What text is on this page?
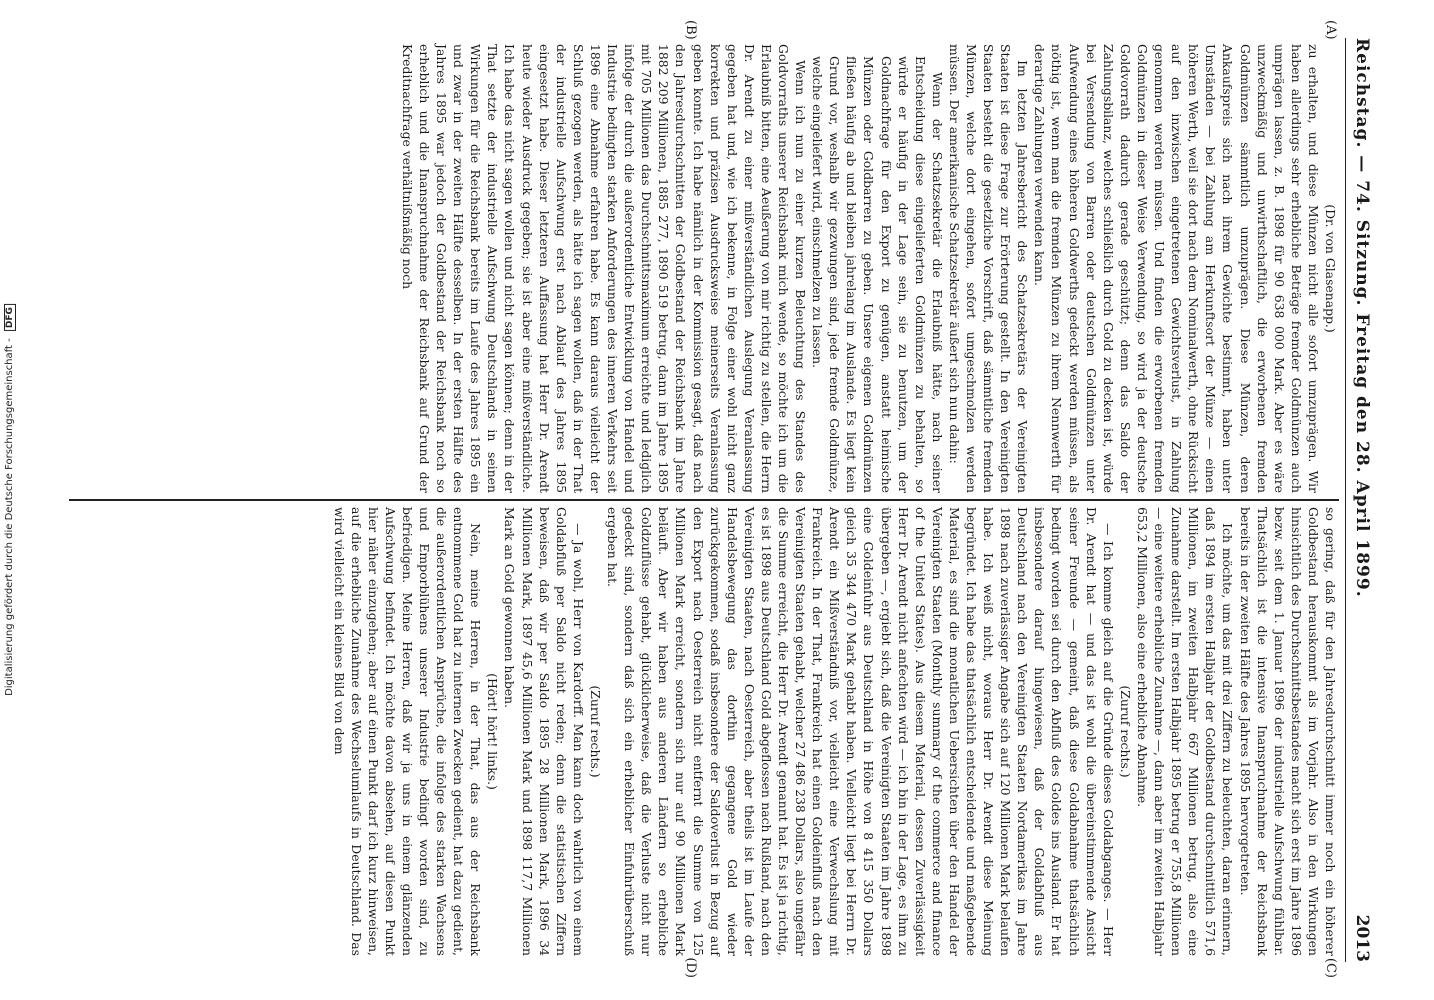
Digitalisierung gefördert durch die Deutsche Forschungsgemeinschaft - DFG	Reichstag. — 74. Sitzung. Freitag den 28. April 1899.
2013
(A)
(B)

(Dr. von Glasenapp.)

zu erhalten, und diese Münzen nicht alle sofort umzuprägen. Wir haben allerdings sehr erhebliche Beträge fremder Goldmünzen auch umprägen lassen, z. B. 1898 für 90 638 000 Mark. Aber es wäre unzweckmäßig und unwirthschaftlich, die erworbenen fremden Goldmünzen sämmtlich umzuprägen. Diese Münzen, deren Ankaufspreis sich nach ihrem Gewichte bestimmt, haben unter Umständen — bei Zahlung am Herkunftsort der Münze — einen höheren Werth, weil sie dort nach dem Nominalwerth, ohne Rücksicht auf den inzwischen eingetretenen Gewichtsverlust, in Zahlung genommen werden müssen. Und finden die erworbenen fremden Goldmünzen in dieser Weise Verwendung, so wird ja der deutsche Goldvorrath dadurch gerade geschützt; denn das Saldo der Zahlungsbilanz, welches schließlich durch Gold zu decken ist, würde bei Versendung von Barren oder deutschen Goldmünzen unter Aufwendung eines höheren Goldwerths gedeckt werden müssen, als nöthig ist, wenn man die fremden Münzen zu ihrem Nennwerth für derartige Zahlungen verwenden kann.

Im letzten Jahresbericht des Schatzsekretärs der Vereinigten Staaten ist diese Frage zur Erörterung gestellt. In den Vereinigten Staaten besteht die gesetzliche Vorschrift, daß sämmtliche fremden Münzen, welche dort eingehen, sofort umgeschmolzen werden müssen. Der amerikanische Schatzsekretär äußert sich nun dahin:

Wenn der Schatzsekretär die Erlaubniß hätte, nach seiner Entscheidung diese eingelieferten Goldmünzen zu behalten, so würde er häufig in der Lage sein, sie zu benutzen, um der Goldnachfrage für den Export zu genügen, anstatt heimische Münzen oder Goldbarren zu geben. Unsere eigenen Goldmünzen fließen häufig ab und bleiben jahrelang im Auslande. Es liegt kein Grund vor, weshalb wir gezwungen sind, jede fremde Goldmünze, welche eingeliefert wird, einschmelzen zu lassen.

Wenn ich nun zu einer kurzen Beleuchtung des Standes des Goldvorraths unserer Reichsbank mich wende, so möchte ich um die Erlaubniß bitten, eine Aeußerung von mir richtig zu stellen, die Herrn Dr. Arendt zu einer mißverständlichen Auslegung Veranlassung gegeben hat und, wie ich bekenne, in Folge einer wohl nicht ganz korrekten und präzisen Ausdrucksweise meinerseits Veranlassung geben konnte. Ich habe nämlich in der Kommission gesagt, daß nach den Jahresdurchschnitten der Goldbestand der Reichsbank im Jahre 1882 209 Millionen, 1885 277, 1890 519 betrug, dann im Jahre 1895 mit 705 Millionen das Durchschnittsmaximum erreichte und lediglich infolge der durch die außerordentliche Entwicklung von Handel und Industrie bedingten starken Anforderungen des inneren Verkehrs seit 1896 eine Abnahme erfahren habe. Es kann daraus vielleicht der Schluß gezogen werden, als hätte ich sagen wollen, daß in der That der industrielle Aufschwung erst nach Ablauf des Jahres 1895 eingesetzt habe. Dieser letzteren Auffassung hat Herr Dr. Arendt heute wieder Ausdruck gegeben; sie ist aber eine mißverständliche. Ich habe das nicht sagen wollen und nicht sagen können; denn in der That setzte der industrielle Aufschwung Deutschlands in seinen Wirkungen für die Reichsbank bereits im Laufe des Jahres 1895 ein und zwar in der zweiten Hälfte desselben. In der ersten Hälfte des Jahres 1895 war jedoch der Goldbestand der Reichsbank noch so erheblich und die Inanspruchnahme der Reichsbank auf Grund der Kreditnachfrage verhältnißmäßig noch

(C)
(D)

so gering, daß für den Jahresdurchschnitt immer noch ein höherer Goldbestand herauskommt als im Vorjahr. Also in den Wirkungen hinsichtlich des Durchschnittsbestandes macht sich erst im Jahre 1896 bezw. seit dem 1. Januar 1896 der industrielle Aufschwung fühlbar. Thatsächlich ist die intensive Inanspruchnahme der Reichsbank bereits in der zweiten Hälfte des Jahres 1895 hervorgetreten.

Ich möchte, um das mit drei Ziffern zu beleuchten, daran erinnern, daß 1894 im ersten Halbjahr der Goldbestand durchschnittlich 571,6 Millionen, im zweiten Halbjahr 667 Millionen betrug, also eine Zunahme darstellt. Im ersten Halbjahr 1895 betrug er 755,8 Millionen — eine weitere erhebliche Zunahme —, dann aber im zweiten Halbjahr 653,2 Millionen, also eine erhebliche Abnahme.

(Zuruf rechts.)

— Ich komme gleich auf die Gründe dieses Goldabganges. — Herr Dr. Arendt hat — und das ist wohl die übereinstimmende Ansicht seiner Freunde — gemeint, daß diese Goldabnahme thatsächlich bedingt worden sei durch den Abfluß des Goldes ins Ausland. Er hat insbesondere darauf hingewiesen, daß der Goldabfluß aus Deutschland nach den Vereinigten Staaten Nordamerikas im Jahre 1898 nach zuverlässiger Angabe sich auf 120 Millionen Mark belaufen habe. Ich weiß nicht, woraus Herr Dr. Arendt diese Meinung begründet. Ich habe das thatsächlich entscheidende und maßgebende Material, es sind die monatlichen Uebersichten über den Handel der Vereinigten Staaten (Monthly summary of the commerce and finance of the United States). Aus diesem Material, dessen Zuverlässigkeit Herr Dr. Arendt nicht anfechten wird — ich bin in der Lage, es ihm zu übergeben —, ergiebt sich, daß die Vereinigten Staaten im Jahre 1898 eine Goldeinfuhr aus Deutschland in Höhe von 8 415 350 Dollars gleich 35 344 470 Mark gehabt haben. Vielleicht liegt bei Herrn Dr. Arendt ein Mißverständniß vor, vielleicht eine Verwechslung mit Frankreich. In der That, Frankreich hat einen Goldeinfluß nach den Vereinigten Staaten gehabt, welcher 27 486 238 Dollars, also ungefähr die Summe erreicht, die Herr Dr. Arendt genannt hat. Es ist ja richtig, es ist 1898 aus Deutschland Gold abgeflossen nach Rußland, nach den Vereinigten Staaten, nach Oesterreich, aber theils ist im Laufe der Handelsbewegung das dorthin gegangene Gold wieder zurückgekommen, sodaß insbesondere der Saldoverlust in Bezug auf den Export nach Oesterreich nicht entfernt die Summe von 125 Millionen Mark erreicht, sondern sich nur auf 90 Millionen Mark beläuft. Aber wir haben aus anderen Ländern so erhebliche Goldzuflüsse gehabt, glücklicherweise, daß die Verluste nicht nur gedeckt sind, sondern daß sich ein erheblicher Einfuhrüberschuß ergeben hat.

(Zuruf rechts.)

— Ja wohl, Herr von Kardorff. Man kann doch wahrlich von einem Goldabfluß per Saldo nicht reden; denn die statistischen Ziffern beweisen, daß wir per Saldo 1895 28 Millionen Mark, 1896 34 Millionen Mark, 1897 45,6 Millionen Mark und 1898 117,7 Millionen Mark an Gold gewonnen haben.

(Hört! hört! links.)

Nein, meine Herren, in der That, das aus der Reichsbank entnommene Gold hat zu internen Zwecken gedient, hat dazu gedient, die außerordentlichen Ansprüche, die infolge des starken Wachsens und Emporblühens unserer Industrie bedingt worden sind, zu befriedigen. Meine Herren, daß wir ja uns in einem glänzenden Aufschwung befindet. Ich möchte davon absehen, auf diesen Punkt hier näher einzugehen; aber auf einen Punkt darf ich kurz hinweisen, auf die erhebliche Zunahme des Wechselumlaufs in Deutschland. Das wird vielleicht ein kleines Bild von dem
